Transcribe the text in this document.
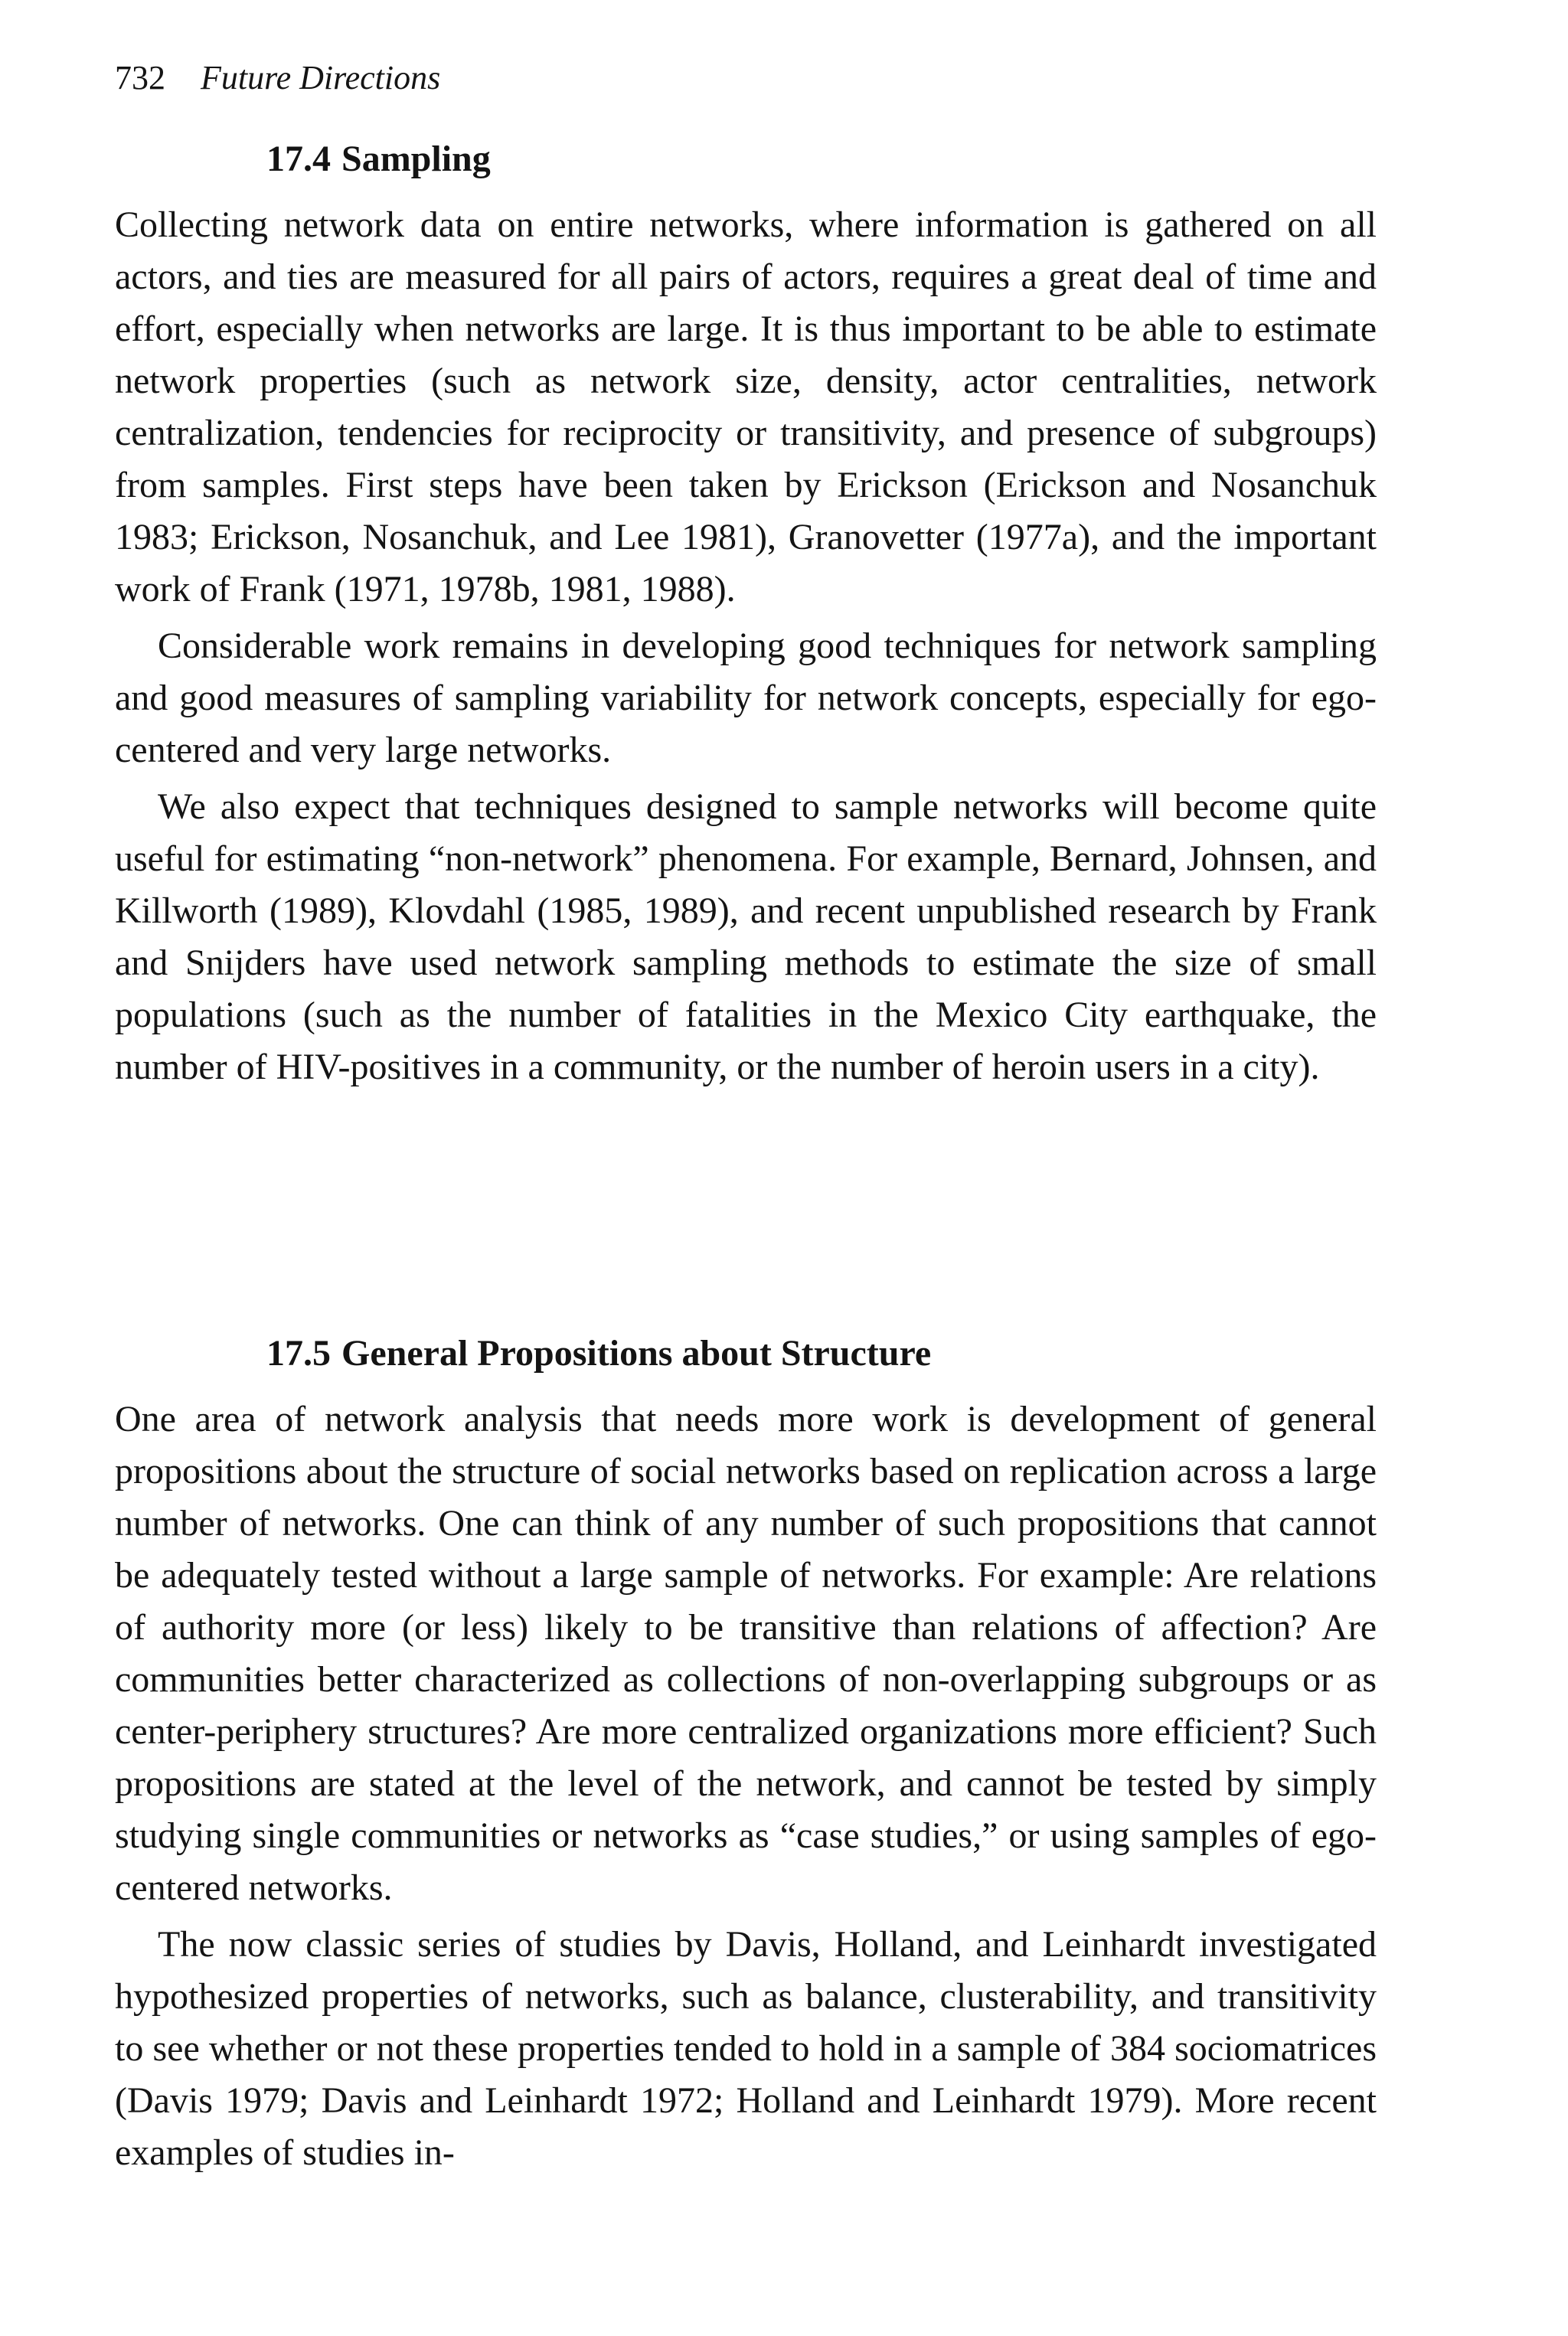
732 Future Directions
17.4 Sampling

Collecting network data on entire networks, where information is gathered on all actors, and ties are measured for all pairs of actors, requires a great deal of time and effort, especially when networks are large. It is thus important to be able to estimate network properties (such as network size, density, actor centralities, network centralization, tendencies for reciprocity or transitivity, and presence of subgroups) from samples. First steps have been taken by Erickson (Erickson and Nosanchuk 1983; Erickson, Nosanchuk, and Lee 1981), Granovetter (1977a), and the important work of Frank (1971, 1978b, 1981, 1988).

Considerable work remains in developing good techniques for network sampling and good measures of sampling variability for network concepts, especially for ego-centered and very large networks.

We also expect that techniques designed to sample networks will become quite useful for estimating “non-network” phenomena. For example, Bernard, Johnsen, and Killworth (1989), Klovdahl (1985, 1989), and recent unpublished research by Frank and Snijders have used network sampling methods to estimate the size of small populations (such as the number of fatalities in the Mexico City earthquake, the number of HIV-positives in a community, or the number of heroin users in a city).

17.5 General Propositions about Structure

One area of network analysis that needs more work is development of general propositions about the structure of social networks based on replication across a large number of networks. One can think of any number of such propositions that cannot be adequately tested without a large sample of networks. For example: Are relations of authority more (or less) likely to be transitive than relations of affection? Are communities better characterized as collections of non-overlapping subgroups or as center-periphery structures? Are more centralized organizations more efficient? Such propositions are stated at the level of the network, and cannot be tested by simply studying single communities or networks as “case studies,” or using samples of ego-centered networks.

The now classic series of studies by Davis, Holland, and Leinhardt investigated hypothesized properties of networks, such as balance, clusterability, and transitivity to see whether or not these properties tended to hold in a sample of 384 sociomatrices (Davis 1979; Davis and Leinhardt 1972; Holland and Leinhardt 1979). More recent examples of studies in-
